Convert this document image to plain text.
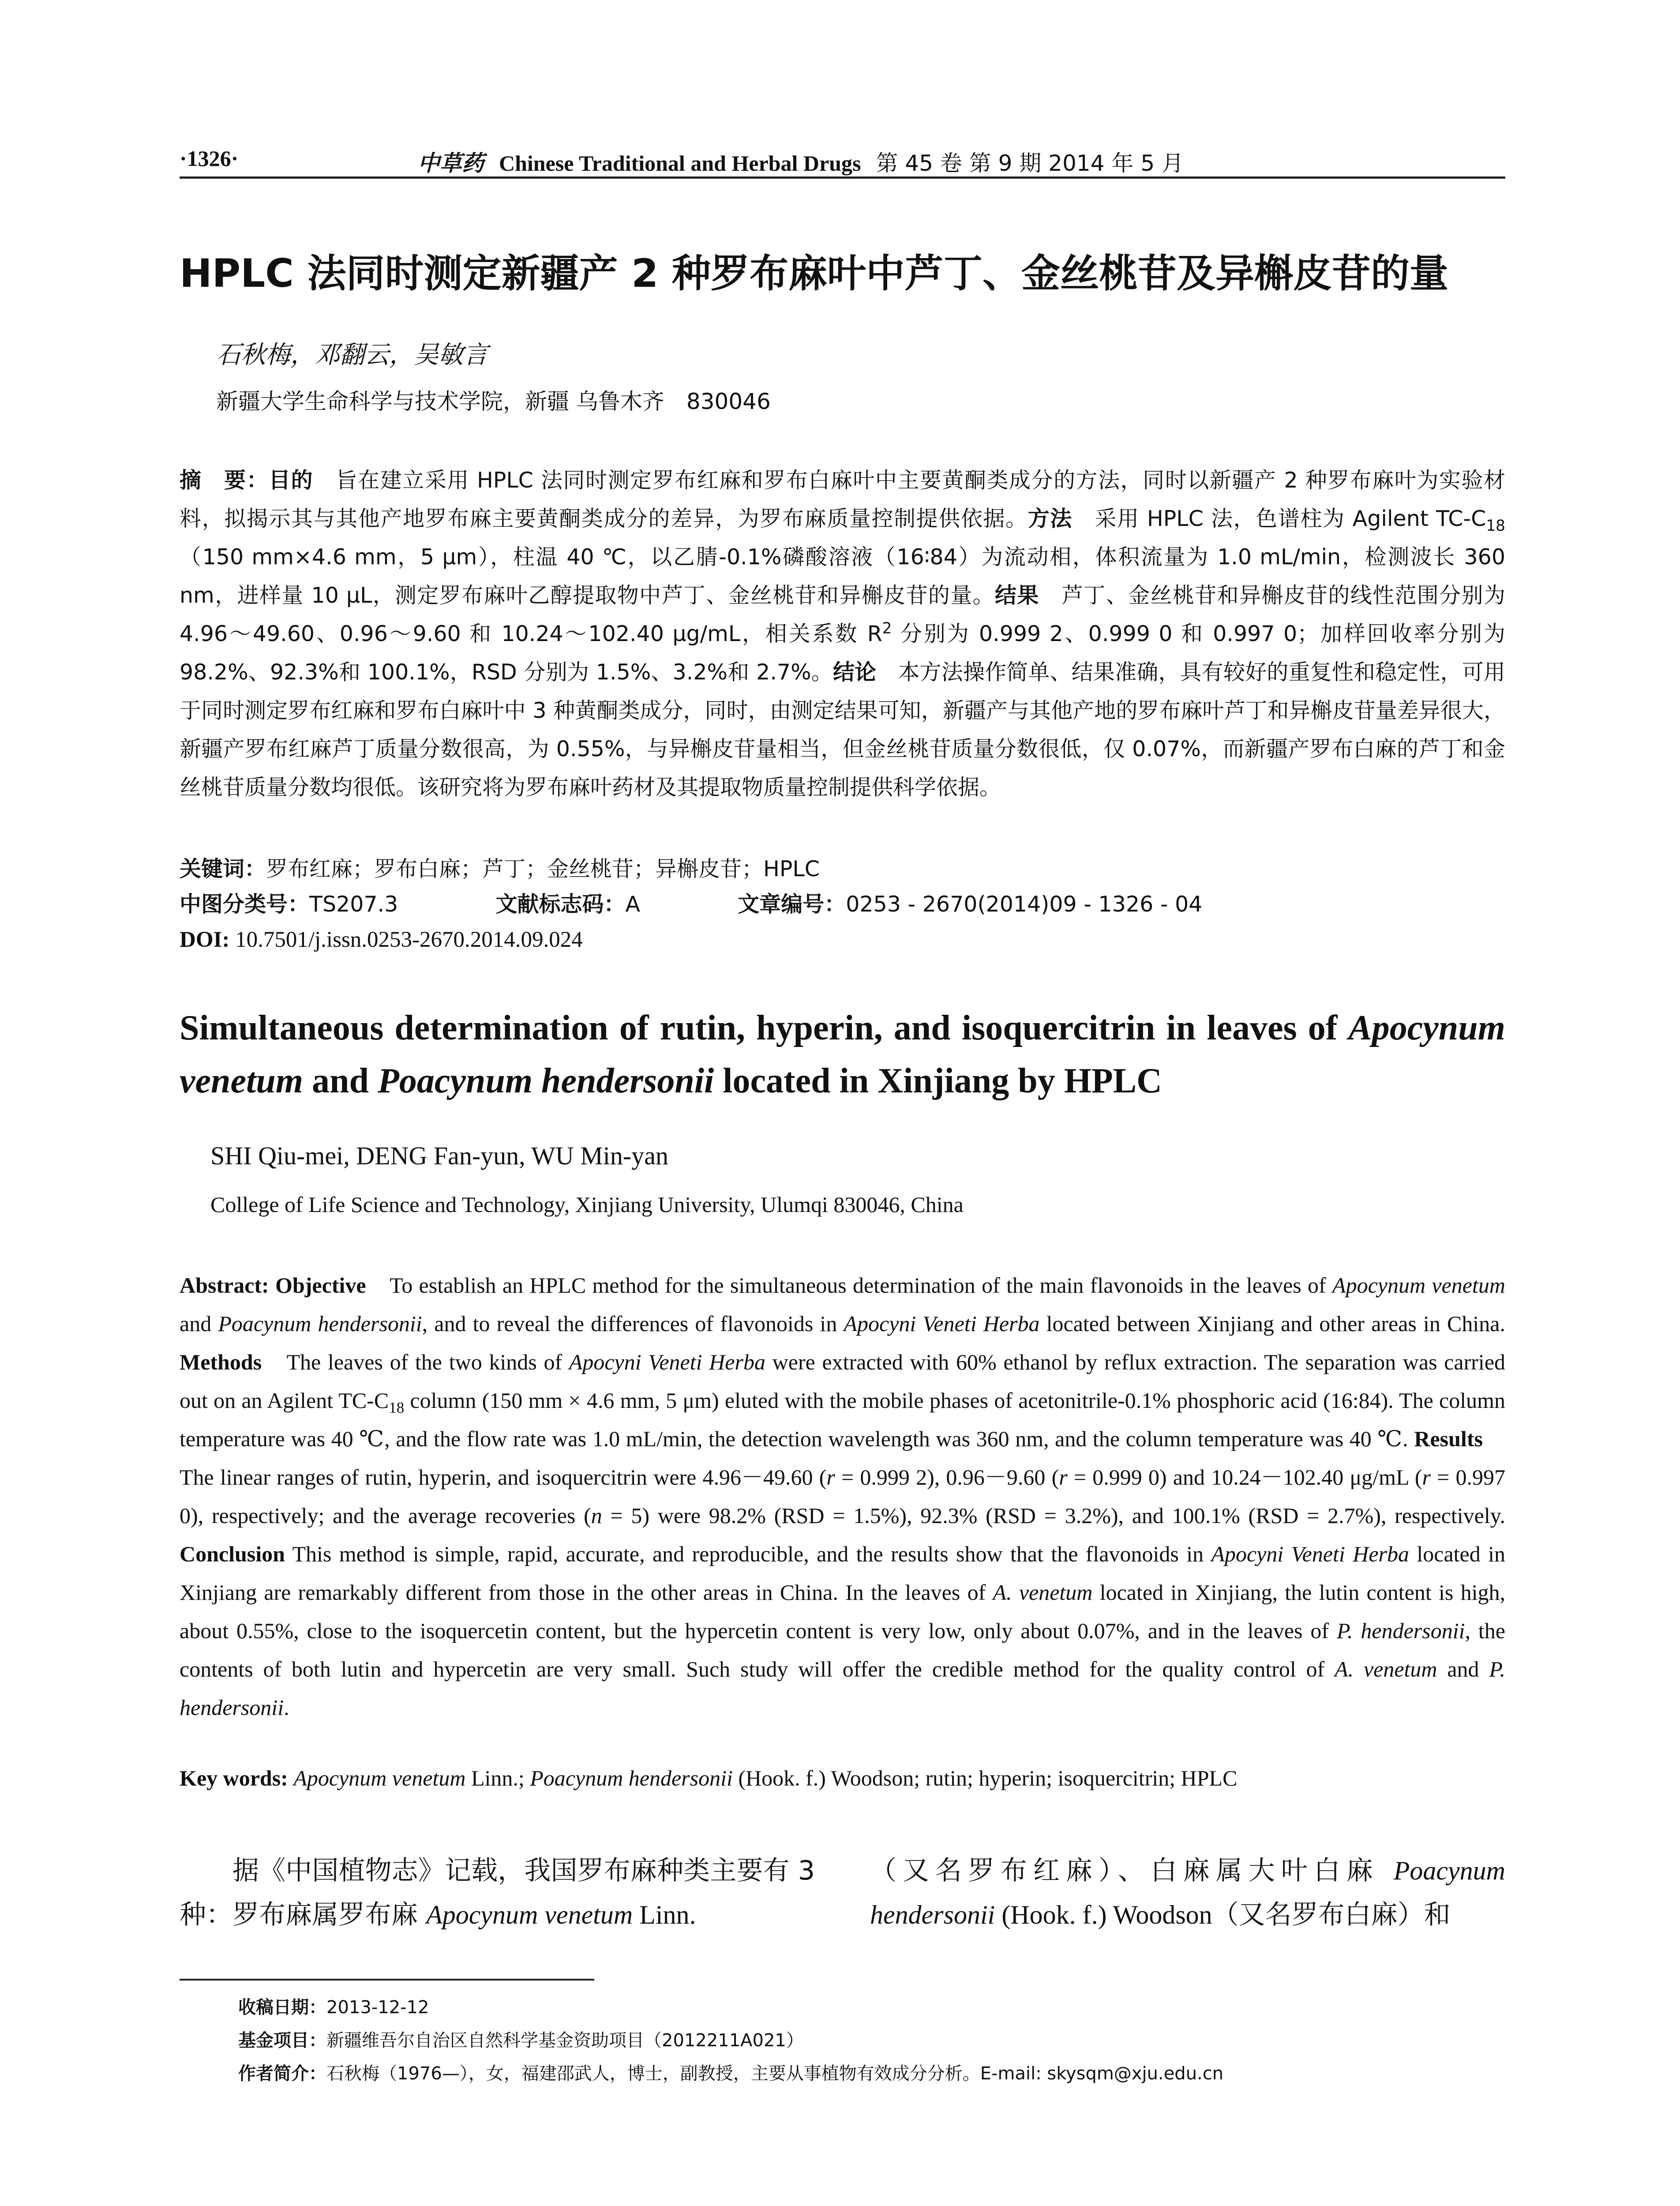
·1326·	中草药 Chinese Traditional and Herbal Drugs 第 45 卷 第 9 期 2014 年 5 月
HPLC 法同时测定新疆产 2 种罗布麻叶中芦丁、金丝桃苷及异槲皮苷的量
石秋梅，邓翻云，吴敏言
新疆大学生命科学与技术学院，新疆 乌鲁木齐　830046
摘　要：目的　旨在建立采用 HPLC 法同时测定罗布红麻和罗布白麻叶中主要黄酮类成分的方法，同时以新疆产 2 种罗布麻叶为实验材料，拟揭示其与其他产地罗布麻主要黄酮类成分的差异，为罗布麻质量控制提供依据。方法　采用 HPLC 法，色谱柱为 Agilent $TC-C_{18}(150$ mm×4.6 mm，5 μm），柱温 40 ℃，以乙腈-0.1%磷酸溶液（16∶84）为流动相，体积流量为 1.0 mL/min，检测波长 360 nm，进样量 10 μL，测定罗布麻叶乙醇提取物中芦丁、金丝桃苷和异槲皮苷的量。结果　芦丁、金丝桃苷和异槲皮苷的线性范围分别为 4.96～49.60、0.96～9.60 和 10.24～102.40 μg/mL，相关系数 $R^2$ 分别为 0.999 2、0.999 0 和 0.997 0；加样回收率分别为 98.2%、92.3%和 100.1%，RSD 分别为 1.5%、3.2%和 2.7%。结论　本方法操作简单、结果准确，具有较好的重复性和稳定性，可用于同时测定罗布红麻和罗布白麻叶中 3 种黄酮类成分，同时，由测定结果可知，新疆产与其他产地的罗布麻叶芦丁和异槲皮苷量差异很大，新疆产罗布红麻芦丁质量分数很高，为 0.55%，与异槲皮苷量相当，但金丝桃苷质量分数很低，仅 0.07%，而新疆产罗布白麻的芦丁和金丝桃苷质量分数均很低。该研究将为罗布麻叶药材及其提取物质量控制提供科学依据。
关键词：罗布红麻；罗布白麻；芦丁；金丝桃苷；异槲皮苷；HPLC
中图分类号：TS207.3	文献标志码：A	文章编号：0253 - 2670(2014)09 - 1326 - 04
DOI: 10.7501/j.issn.0253-2670.2014.09.024
Simultaneous determination of rutin, hyperin, and isoquercitrin in leaves of Apocynum venetum and Poacynum hendersonii located in Xinjiang by HPLC
SHI Qiu-mei, DENG Fan-yun, WU Min-yan
College of Life Science and Technology, Xinjiang University, Ulumqi 830046, China
Abstract: Objective　To establish an HPLC method for the simultaneous determination of the main flavonoids in the leaves of Apocynum venetum and Poacynum hendersonii, and to reveal the differences of flavonoids in Apocyni Veneti Herba located between Xinjiang and other areas in China. Methods　The leaves of the two kinds of Apocyni Veneti Herba were extracted with 60% ethanol by reflux extraction. The separation was carried out on an Agilent $TC-C_{18}$ column (150 mm × 4.6 mm, 5 μm) eluted with the mobile phases of acetonitrile-0.1% phosphoric acid (16:84). The column temperature was 40 ℃, and the flow rate was 1.0 mL/min, the detection wavelength was 360 nm, and the column temperature was 40 ℃. Results　The linear ranges of rutin, hyperin, and isoquercitrin were 4.96－49.60 (r = 0.999 2), 0.96－9.60 (r = 0.999 0) and 10.24－102.40 μg/mL (r = 0.997 0), respectively; and the average recoveries (n = 5) were 98.2% (RSD = 1.5%), 92.3% (RSD = 3.2%), and 100.1% (RSD = 2.7%), respectively. Conclusion This method is simple, rapid, accurate, and reproducible, and the results show that the flavonoids in Apocyni Veneti Herba located in Xinjiang are remarkably different from those in the other areas in China. In the leaves of A. venetum located in Xinjiang, the lutin content is high, about 0.55%, close to the isoquercetin content, but the hypercetin content is very low, only about 0.07%, and in the leaves of P. hendersonii, the contents of both lutin and hypercetin are very small. Such study will offer the credible method for the quality control of A. venetum and P. hendersonii.
Key words: Apocynum venetum Linn.; Poacynum hendersonii (Hook. f.) Woodson; rutin; hyperin; isoquercitrin; HPLC
据《中国植物志》记载，我国罗布麻种类主要有 3 种：罗布麻属罗布麻 Apocynum venetum Linn.
（又名罗布红麻）、白麻属大叶白麻 Poacynum hendersonii (Hook. f.) Woodson（又名罗布白麻）和
收稿日期：2013-12-12
基金项目：新疆维吾尔自治区自然科学基金资助项目（2012211A021）
作者简介：石秋梅（1976—），女，福建邵武人，博士，副教授，主要从事植物有效成分分析。E-mail: skysqm@xju.edu.cn
